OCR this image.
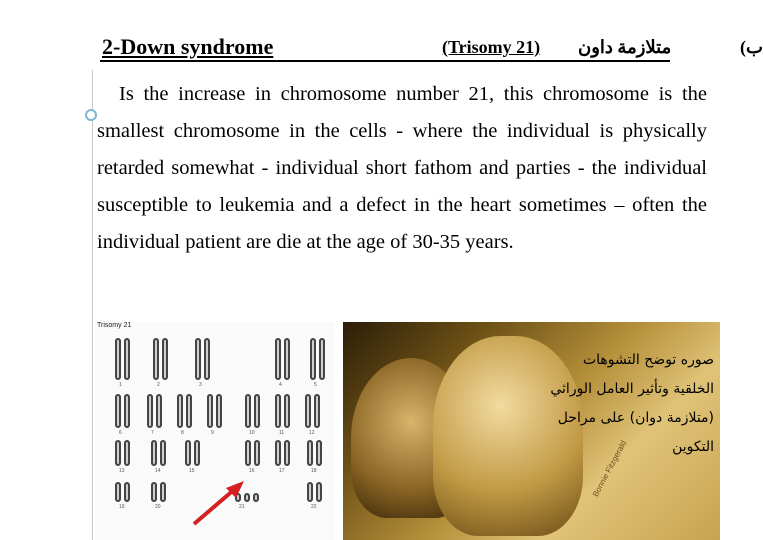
2-Down syndrome	(Trisomy 21) متلازمة داون	ب)
Is the increase in chromosome number 21, this chromosome is the smallest chromosome in the cells - where the individual is physically retarded somewhat - individual short fathom and parties - the individual susceptible to leukemia and a defect in the heart sometimes – often the individual patient are die at the age of 30-35 years.
Trisomy 21
1	2	3	4	5
6	7	8	9	10	11	12
13	14	15	16	17	18
19	20	21	22
صوره توضح التشوهات
الخلقية وتأثير العامل الوراثي
(متلازمة دوان) على مراحل
التكوين
Bonnie Fitzgerald
